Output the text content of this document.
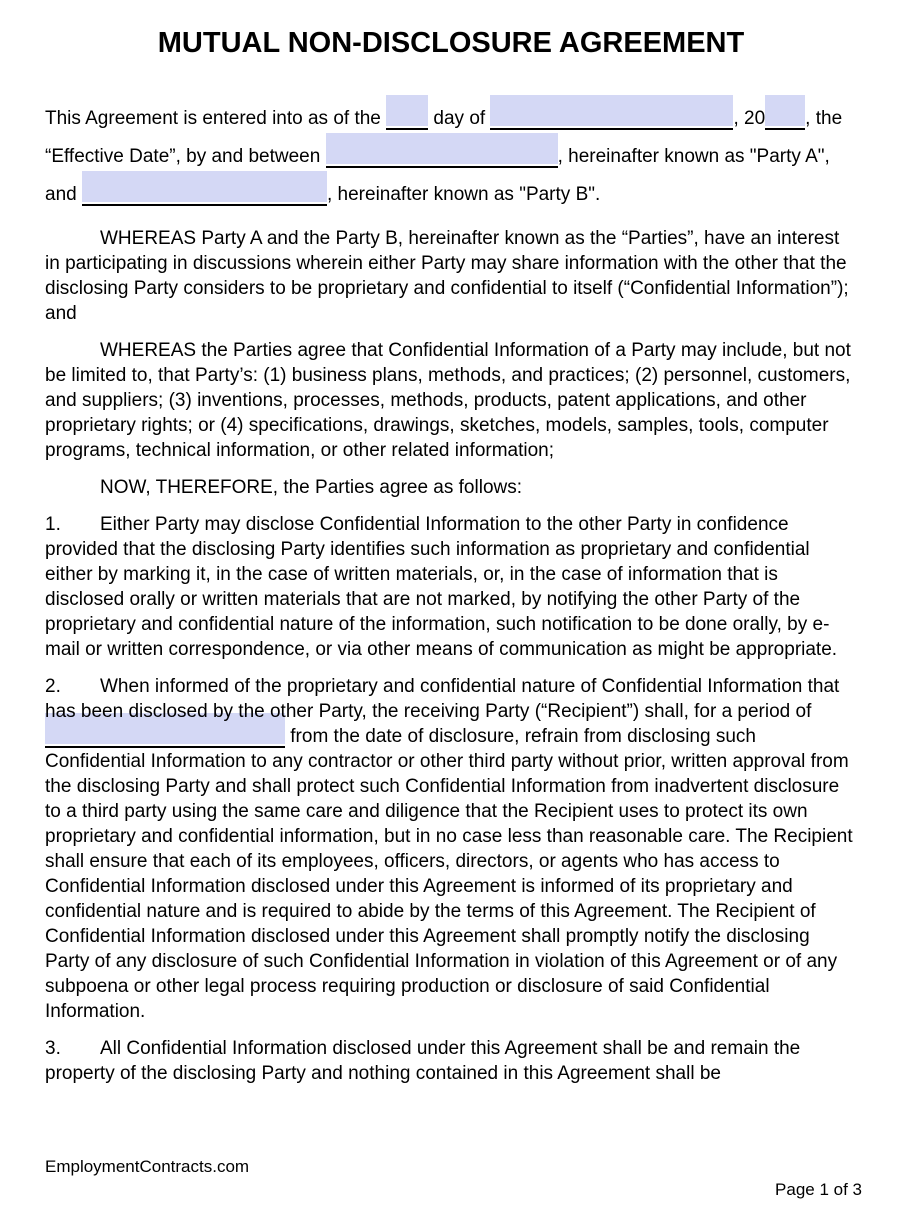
MUTUAL NON-DISCLOSURE AGREEMENT

This Agreement is entered into as of the  day of	, 20 , the “Effective Date”, by and between	, hereinafter known as "Party A", and	, hereinafter known as "Party B".

WHEREAS Party A and the Party B, hereinafter known as the “Parties”, have an interest in participating in discussions wherein either Party may share information with the other that the disclosing Party considers to be proprietary and confidential to itself (“Confidential Information”); and

WHEREAS the Parties agree that Confidential Information of a Party may include, but not be limited to, that Party’s: (1) business plans, methods, and practices; (2) personnel, customers, and suppliers; (3) inventions, processes, methods, products, patent applications, and other proprietary rights; or (4) specifications, drawings, sketches, models, samples, tools, computer programs, technical information, or other related information;

NOW, THEREFORE, the Parties agree as follows:

1. Either Party may disclose Confidential Information to the other Party in confidence provided that the disclosing Party identifies such information as proprietary and confidential either by marking it, in the case of written materials, or, in the case of information that is disclosed orally or written materials that are not marked, by notifying the other Party of the proprietary and confidential nature of the information, such notification to be done orally, by e-mail or written correspondence, or via other means of communication as might be appropriate.

2. When informed of the proprietary and confidential nature of Confidential Information that has been disclosed by the other Party, the receiving Party (“Recipient”) shall, for a period of  from the date of disclosure, refrain from disclosing such Confidential Information to any contractor or other third party without prior, written approval from the disclosing Party and shall protect such Confidential Information from inadvertent disclosure to a third party using the same care and diligence that the Recipient uses to protect its own proprietary and confidential information, but in no case less than reasonable care. The Recipient shall ensure that each of its employees, officers, directors, or agents who has access to Confidential Information disclosed under this Agreement is informed of its proprietary and confidential nature and is required to abide by the terms of this Agreement. The Recipient of Confidential Information disclosed under this Agreement shall promptly notify the disclosing Party of any disclosure of such Confidential Information in violation of this Agreement or of any subpoena or other legal process requiring production or disclosure of said Confidential Information.

3. All Confidential Information disclosed under this Agreement shall be and remain the property of the disclosing Party and nothing contained in this Agreement shall be

EmploymentContracts.com
Page 1 of 3
